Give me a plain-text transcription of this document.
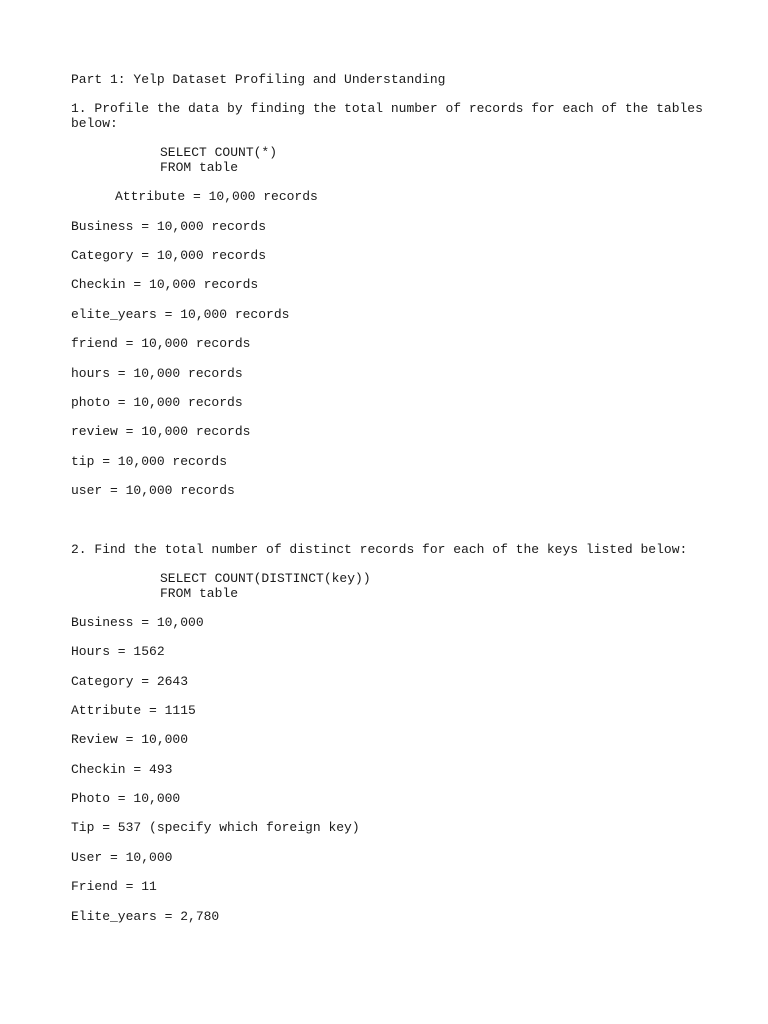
Part 1: Yelp Dataset Profiling and Understanding
1. Profile the data by finding the total number of records for each of the tables
below:
SELECT COUNT(*)
FROM table
Attribute = 10,000 records
Business = 10,000 records
Category = 10,000 records
Checkin = 10,000 records
elite_years = 10,000 records
friend = 10,000 records
hours = 10,000 records
photo = 10,000 records
review = 10,000 records
tip = 10,000 records
user = 10,000 records
2. Find the total number of distinct records for each of the keys listed below:
SELECT COUNT(DISTINCT(key))
FROM table
Business = 10,000
Hours = 1562
Category = 2643
Attribute = 1115
Review = 10,000
Checkin = 493
Photo = 10,000
Tip = 537 (specify which foreign key)
User = 10,000
Friend = 11
Elite_years = 2,780
